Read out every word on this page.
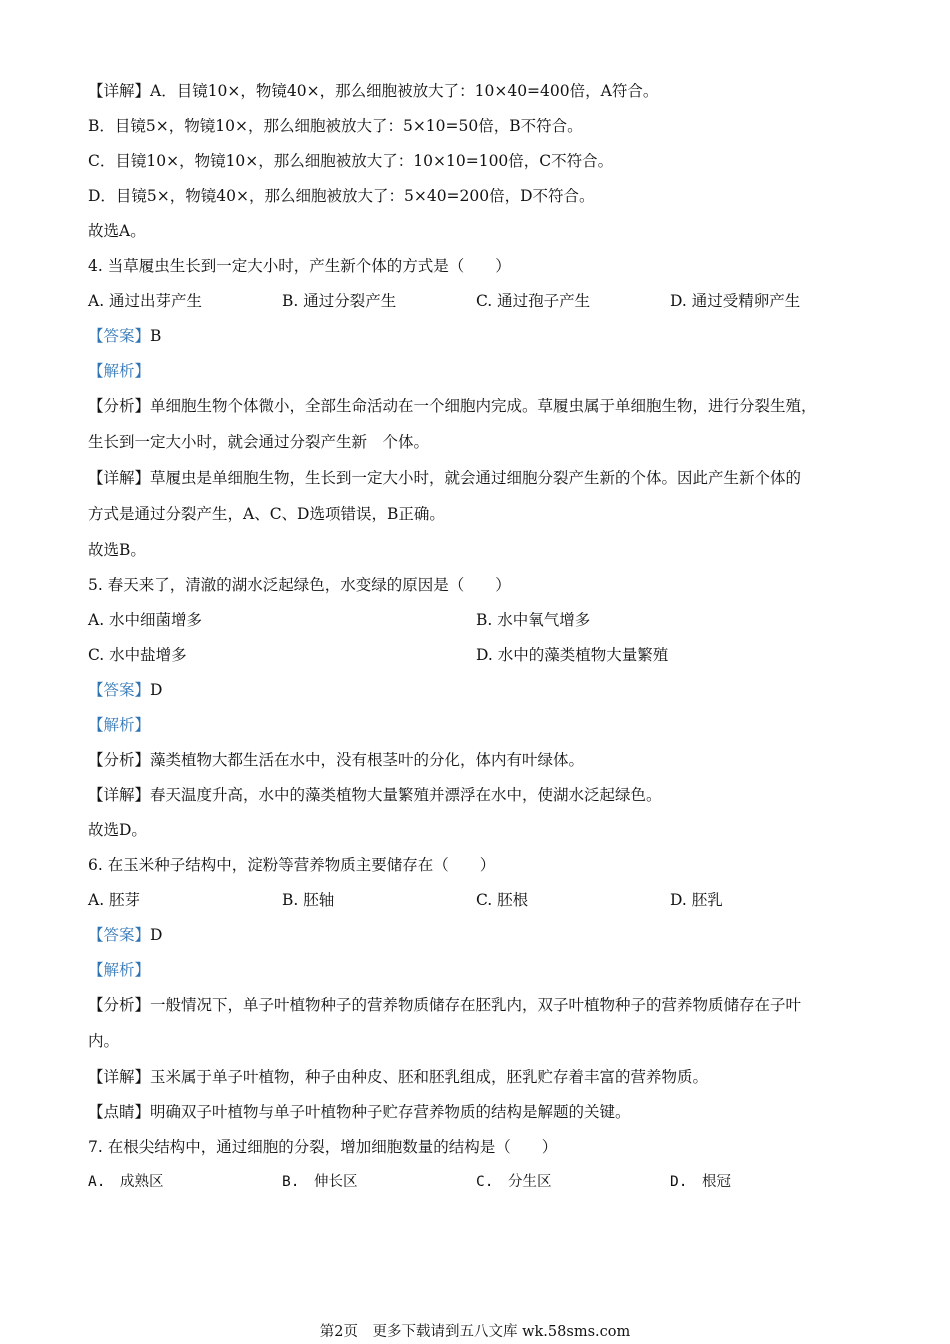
【详解】A．目镜10×，物镜40×，那么细胞被放大了：10×40=400倍，A符合。
B．目镜5×，物镜10×，那么细胞被放大了：5×10=50倍，B不符合。
C．目镜10×，物镜10×，那么细胞被放大了：10×10=100倍，C不符合。
D．目镜5×，物镜40×，那么细胞被放大了：5×40=200倍，D不符合。
故选A。
4. 当草履虫生长到一定大小时，产生新个体的方式是（　　）
A. 通过出芽产生	B. 通过分裂产生	C. 通过孢子产生	D. 通过受精卵产生
【答案】B
【解析】
【分析】单细胞生物个体微小，全部生命活动在一个细胞内完成。草履虫属于单细胞生物，进行分裂生殖，
生长到一定大小时，就会通过分裂产生新　个体。
【详解】草履虫是单细胞生物，生长到一定大小时，就会通过细胞分裂产生新的个体。因此产生新个体的
方式是通过分裂产生，A、C、D选项错误，B正确。
故选B。
5. 春天来了，清澈的湖水泛起绿色，水变绿的原因是（　　）
A. 水中细菌增多	B. 水中氧气增多
C. 水中盐增多	D. 水中的藻类植物大量繁殖
【答案】D
【解析】
【分析】藻类植物大都生活在水中，没有根茎叶的分化，体内有叶绿体。
【详解】春天温度升高，水中的藻类植物大量繁殖并漂浮在水中，使湖水泛起绿色。
故选D。
6. 在玉米种子结构中，淀粉等营养物质主要储存在（　　）
A. 胚芽	B. 胚轴	C. 胚根	D. 胚乳
【答案】D
【解析】
【分析】一般情况下，单子叶植物种子的营养物质储存在胚乳内，双子叶植物种子的营养物质储存在子叶
内。
【详解】玉米属于单子叶植物，种子由种皮、胚和胚乳组成，胚乳贮存着丰富的营养物质。
【点睛】明确双子叶植物与单子叶植物种子贮存营养物质的结构是解题的关键。
7. 在根尖结构中，通过细胞的分裂，增加细胞数量的结构是（　　）
A.　成熟区	B.　伸长区	C.　分生区	D.　根冠
第2页　更多下载请到五八文库 wk.58sms.com
